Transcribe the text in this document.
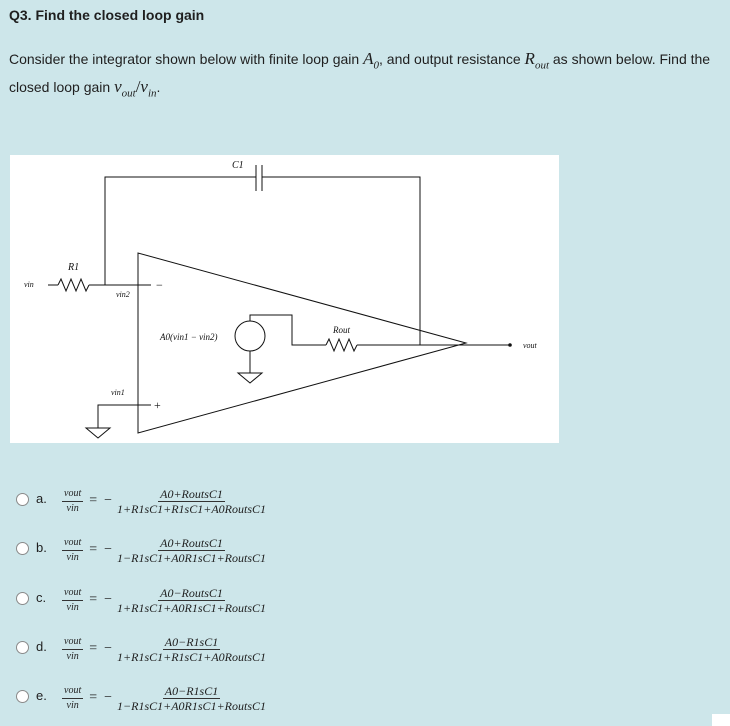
Q3. Find the closed loop gain
Consider the integrator shown below with finite loop gain $A_0$, and output resistance $R_{out}$ as shown below. Find the closed loop gain $v_{out}/v_{in}$.
C1
R1
vin
vin2
vin1
A0(vin1 − vin2)
Rout
vout
−
+
a. $\frac{\text{vout}}{\text{vin}}$ = − $\frac{\text{A0+RoutsC1}}{\text{1+R1sC1+R1sC1+A0RoutsC1}}$
b. $\frac{\text{vout}}{\text{vin}}$ = − $\frac{\text{A0+RoutsC1}}{\text{1−R1sC1+A0R1sC1+RoutsC1}}$
c. $\frac{\text{vout}}{\text{vin}}$ = − $\frac{\text{A0−RoutsC1}}{\text{1+R1sC1+A0R1sC1+RoutsC1}}$
d. $\frac{\text{vout}}{\text{vin}}$ = − $\frac{A0-R1sC1}{\text{1+R1sC1+R1sC1+A0RoutsC1}}$
e. $\frac{\text{vout}}{\text{vin}}$ = − $\frac{A0-R1sC1}{\text{1−R1sC1+A0R1sC1+RoutsC1}}$
